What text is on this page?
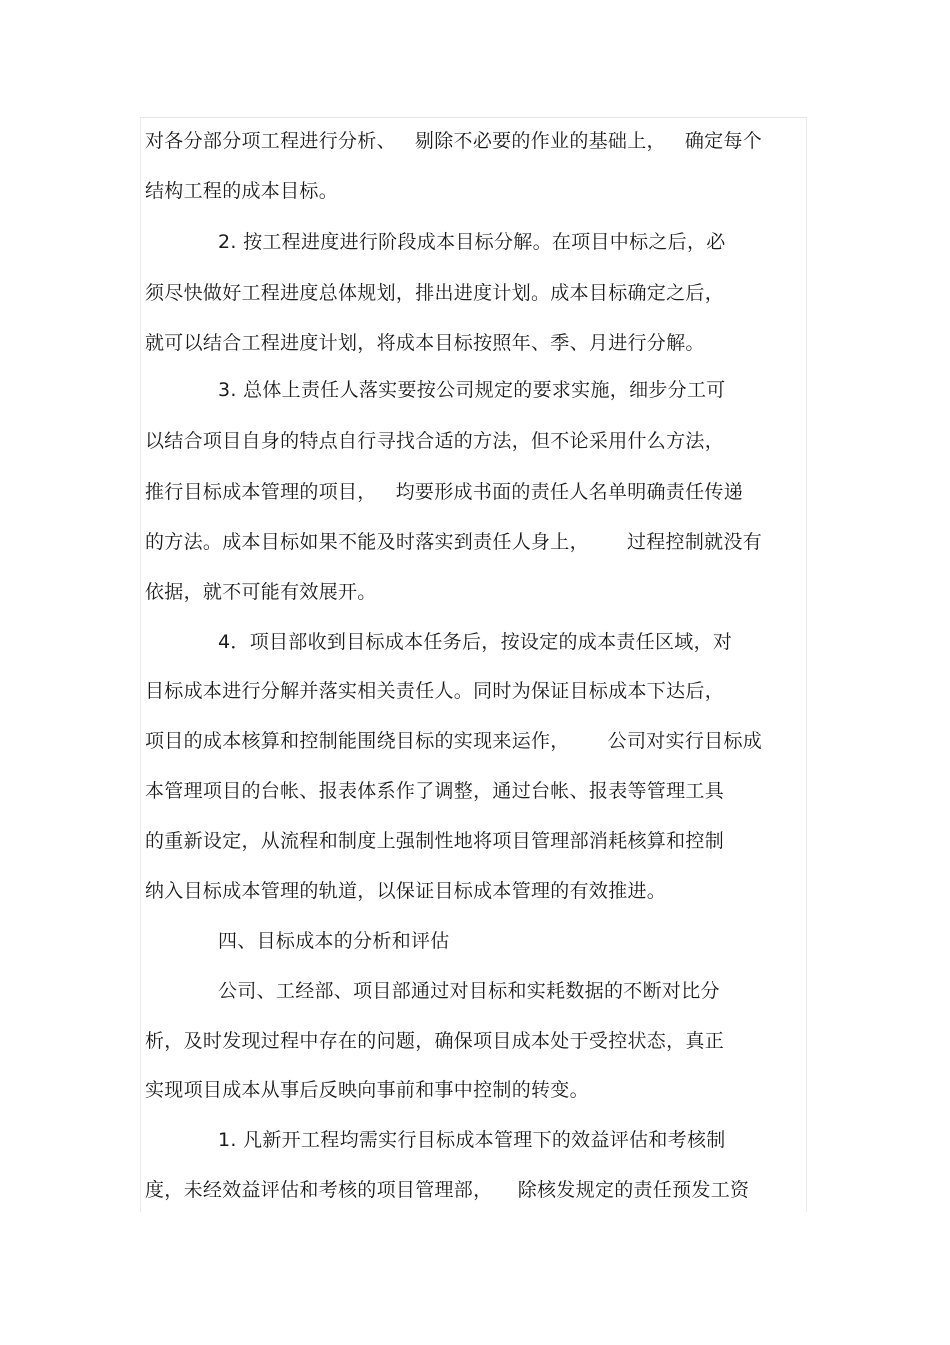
对各分部分项工程进行分析、   剔除不必要的作业的基础上，   确定每个
结构工程的成本目标。
2. 按工程进度进行阶段成本目标分解。在项目中标之后，必
须尽快做好工程进度总体规划，排出进度计划。成本目标确定之后，
就可以结合工程进度计划，将成本目标按照年、季、月进行分解。
3. 总体上责任人落实要按公司规定的要求实施，细步分工可
以结合项目自身的特点自行寻找合适的方法，但不论采用什么方法，
推行目标成本管理的项目，   均要形成书面的责任人名单明确责任传递
的方法。成本目标如果不能及时落实到责任人身上，      过程控制就没有
依据，就不可能有效展开。
4．项目部收到目标成本任务后，按设定的成本责任区域，对
目标成本进行分解并落实相关责任人。同时为保证目标成本下达后，
项目的成本核算和控制能围绕目标的实现来运作，      公司对实行目标成
本管理项目的台帐、报表体系作了调整，通过台帐、报表等管理工具
的重新设定，从流程和制度上强制性地将项目管理部消耗核算和控制
纳入目标成本管理的轨道，以保证目标成本管理的有效推进。
四、目标成本的分析和评估
公司、工经部、项目部通过对目标和实耗数据的不断对比分
析，及时发现过程中存在的问题，确保项目成本处于受控状态，真正
实现项目成本从事后反映向事前和事中控制的转变。
1. 凡新开工程均需实行目标成本管理下的效益评估和考核制
度，未经效益评估和考核的项目管理部，    除核发规定的责任预发工资
